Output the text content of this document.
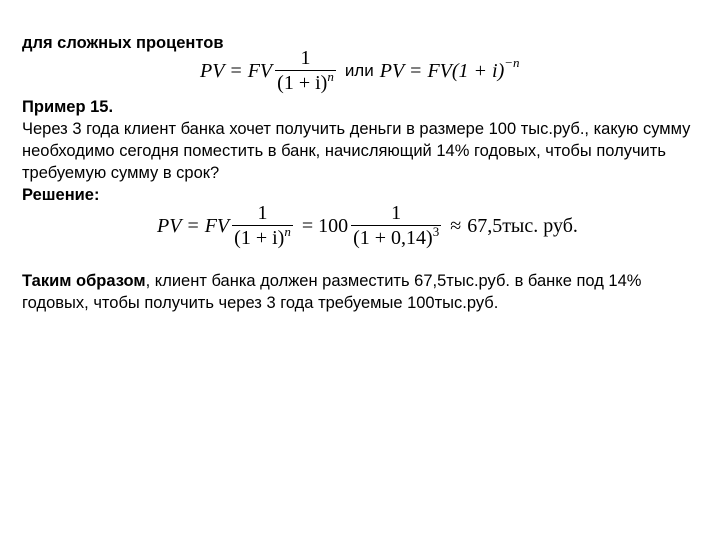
для сложных процентов
PV = FV $\frac{1}{(1 + i)^n}$ или PV = FV(1 + i) −n
Пример 15.
Через 3 года клиент банка хочет получить деньги в размере 100 тыс.руб., какую сумму
необходимо сегодня поместить в банк, начисляющий 14% годовых, чтобы получить
требуемую сумму в срок?
Решение:
PV = FV $\frac{1}{(1 + i)^n} = 100 \frac{1}{(1 + 0,14)^3} \approx 67,5тыс$. руб.
Таким образом, клиент банка должен разместить 67,5тыс.руб. в банке под 14%
годовых, чтобы получить через 3 года требуемые 100тыс.руб.
